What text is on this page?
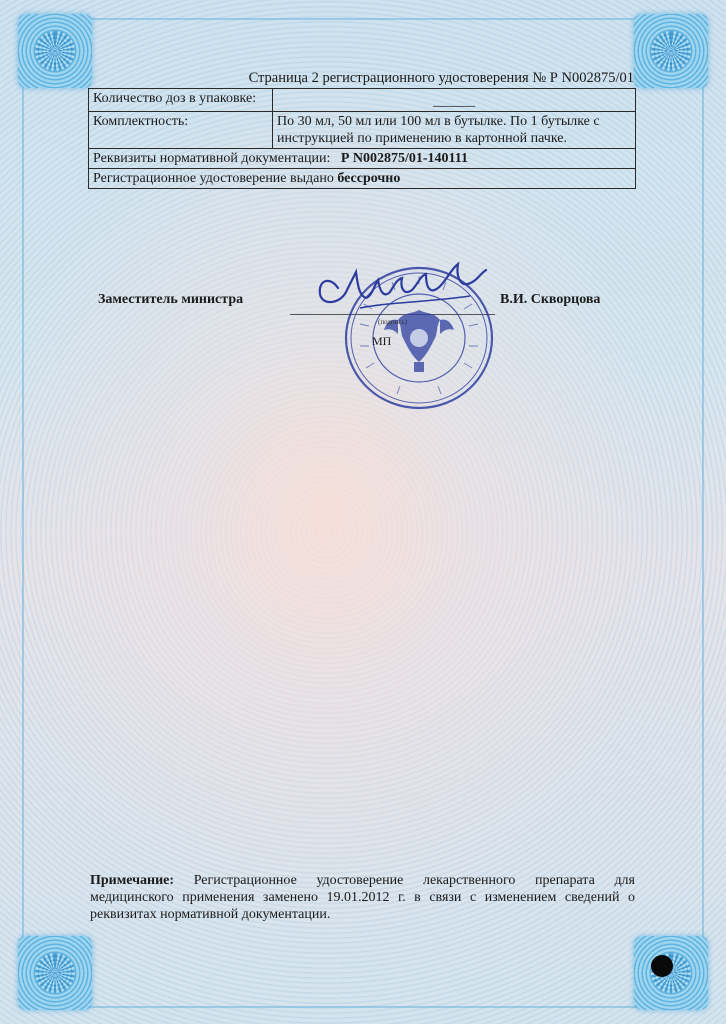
Страница 2 регистрационного удостоверения № Р N002875/01
Количество доз в упаковке:	______
Комплектность:	По 30 мл, 50 мл или 100 мл в бутылке. По 1 бутылке с инструкцией по применению в картонной пачке.
Реквизиты нормативной документации: Р N002875/01-140111	
Регистрационное удостоверение выдано бессрочно	
Заместитель министра	В.И. Скворцова
(подпись)
МП
Примечание: Регистрационное удостоверение лекарственного препарата для медицинского применения заменено 19.01.2012 г. в связи с изменением сведений о реквизитах нормативной документации.
